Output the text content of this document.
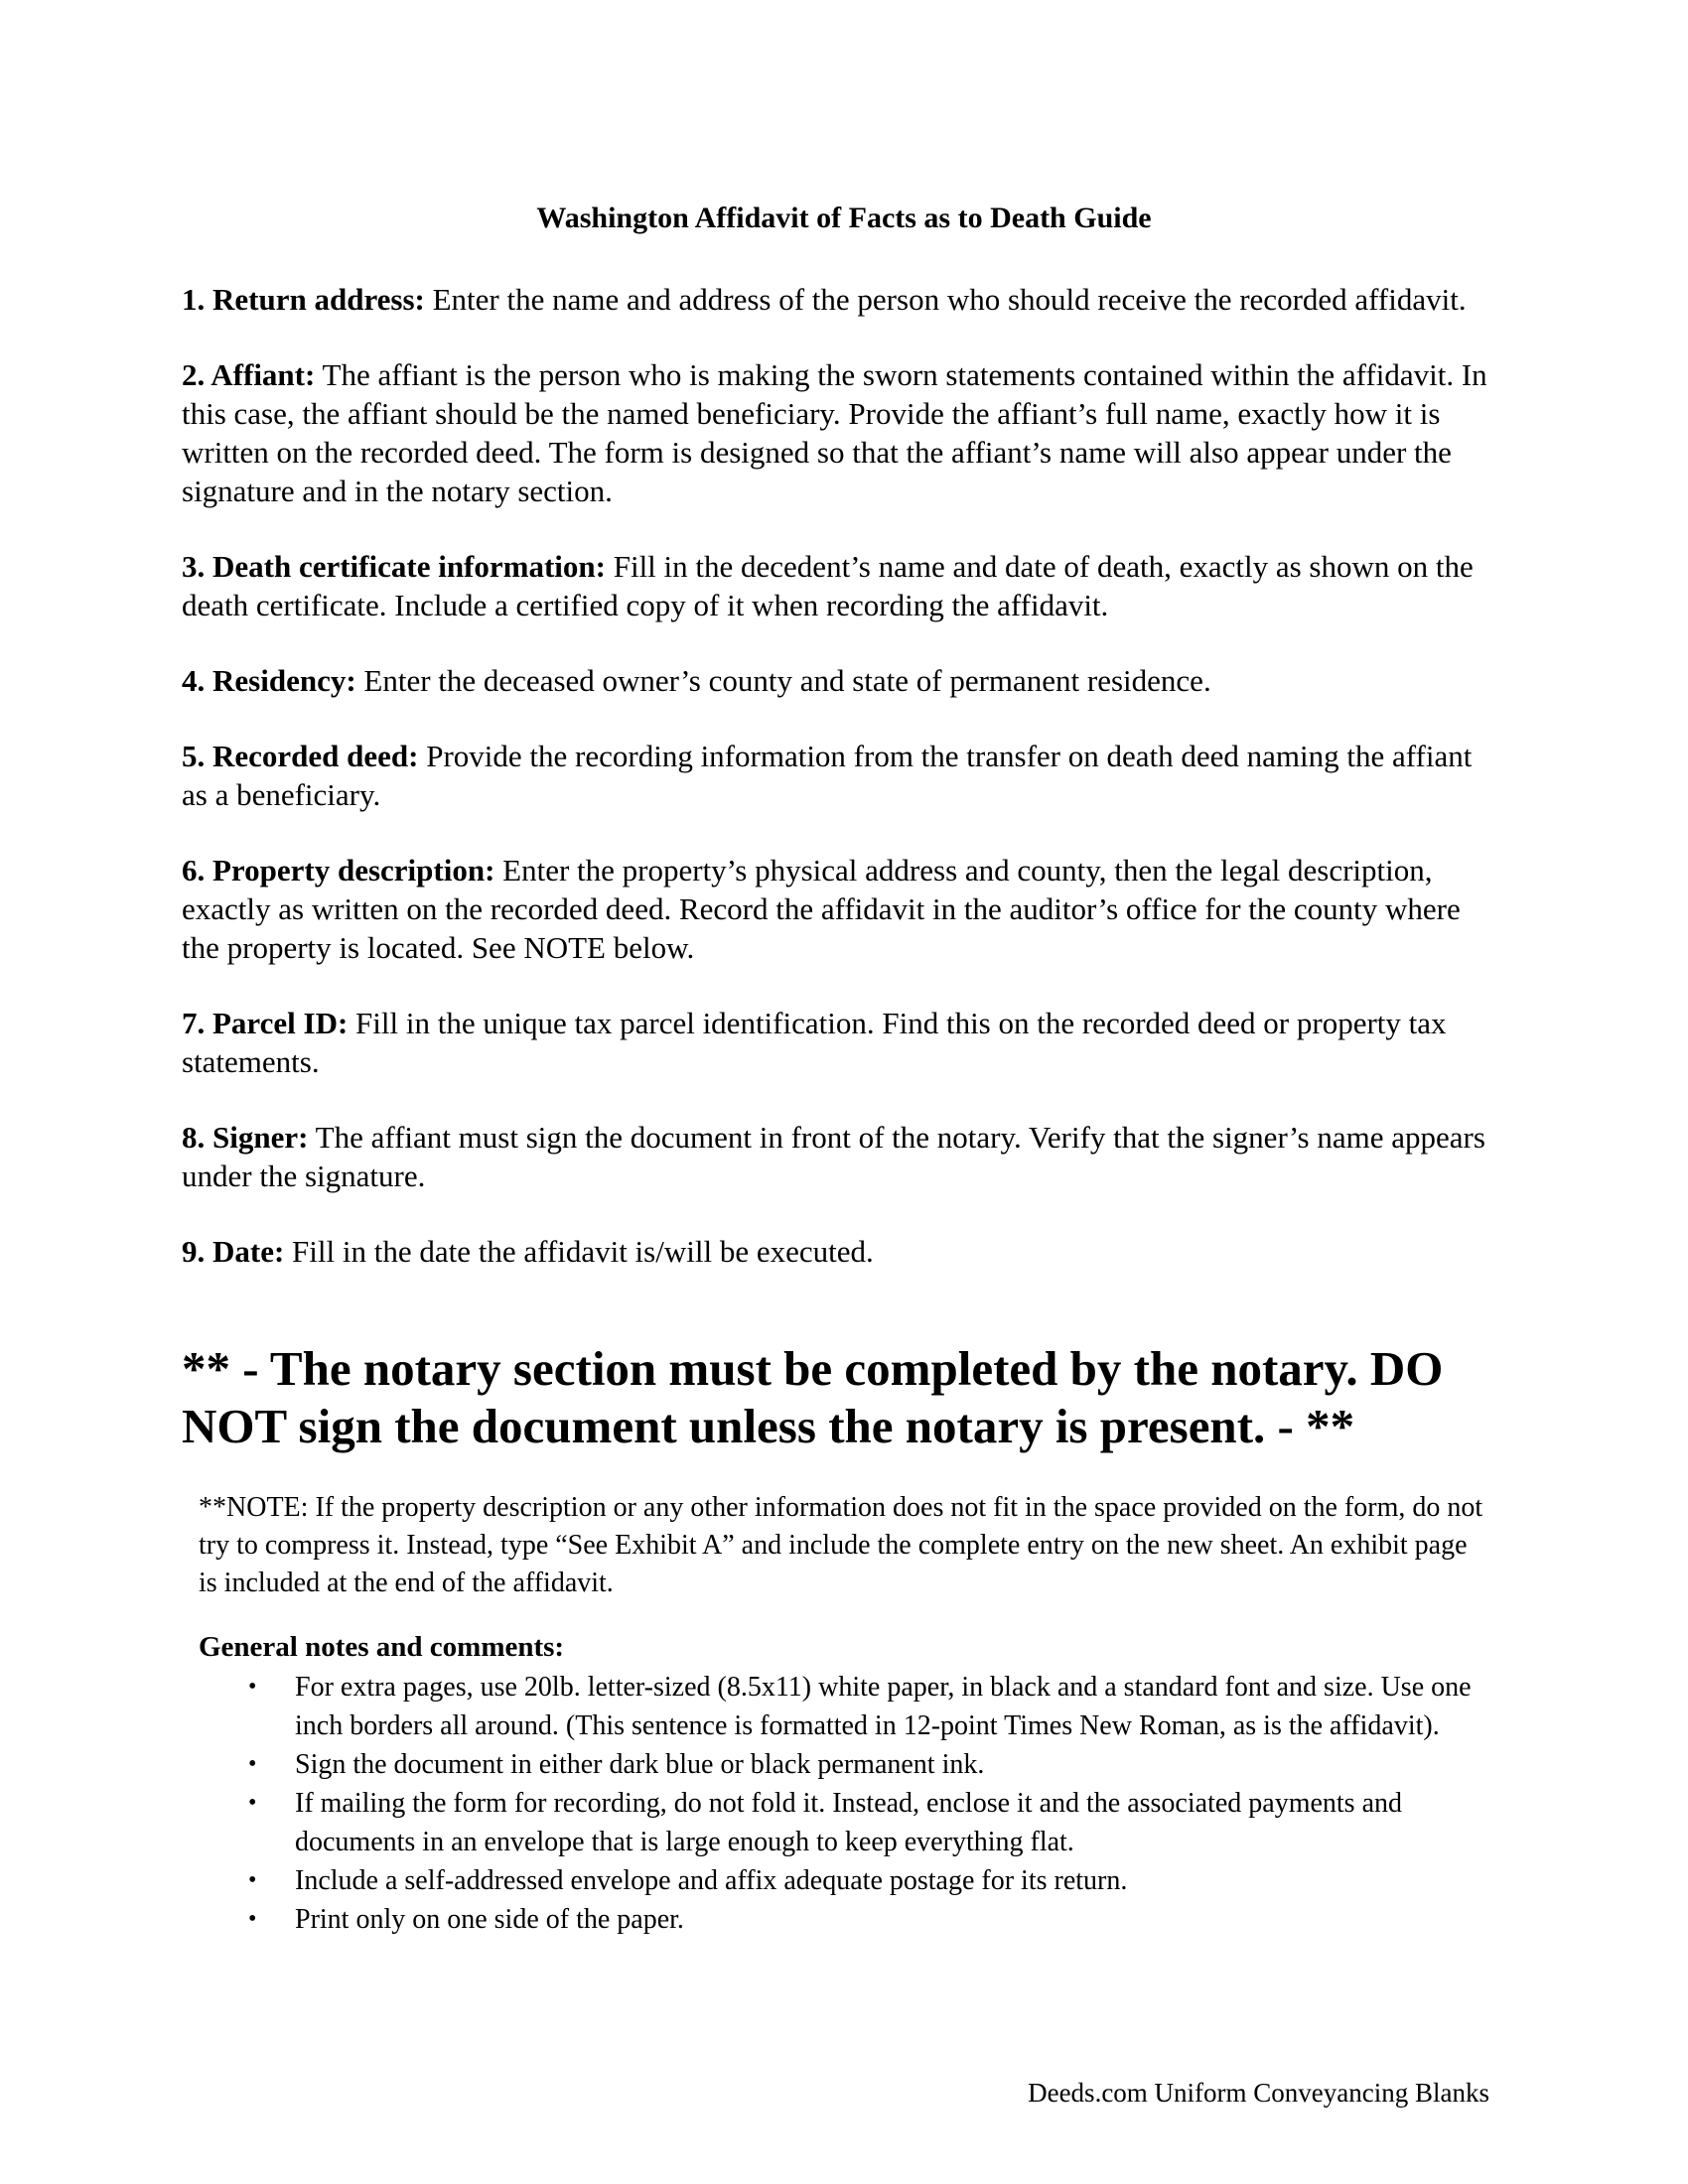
Washington Affidavit of Facts as to Death Guide

1. Return address: Enter the name and address of the person who should receive the recorded affidavit.

2. Affiant: The affiant is the person who is making the sworn statements contained within the affidavit. In this case, the affiant should be the named beneficiary. Provide the affiant’s full name, exactly how it is written on the recorded deed. The form is designed so that the affiant’s name will also appear under the signature and in the notary section.

3. Death certificate information: Fill in the decedent’s name and date of death, exactly as shown on the death certificate. Include a certified copy of it when recording the affidavit.

4. Residency: Enter the deceased owner’s county and state of permanent residence.

5. Recorded deed: Provide the recording information from the transfer on death deed naming the affiant as a beneficiary.

6. Property description: Enter the property’s physical address and county, then the legal description, exactly as written on the recorded deed. Record the affidavit in the auditor’s office for the county where the property is located. See NOTE below.

7. Parcel ID: Fill in the unique tax parcel identification. Find this on the recorded deed or property tax statements.

8. Signer: The affiant must sign the document in front of the notary. Verify that the signer’s name appears under the signature.

9. Date: Fill in the date the affidavit is/will be executed.

** - The notary section must be completed by the notary. DO NOT sign the document unless the notary is present. - **
**NOTE: If the property description or any other information does not fit in the space provided on the form, do not try to compress it. Instead, type “See Exhibit A” and include the complete entry on the new sheet. An exhibit page is included at the end of the affidavit.
General notes and comments:
• For extra pages, use 20lb. letter-sized (8.5x11) white paper, in black and a standard font and size. Use one inch borders all around. (This sentence is formatted in 12-point Times New Roman, as is the affidavit).
• Sign the document in either dark blue or black permanent ink.
• If mailing the form for recording, do not fold it. Instead, enclose it and the associated payments and documents in an envelope that is large enough to keep everything flat.
• Include a self-addressed envelope and affix adequate postage for its return.
• Print only on one side of the paper.
Deeds.com Uniform Conveyancing Blanks
